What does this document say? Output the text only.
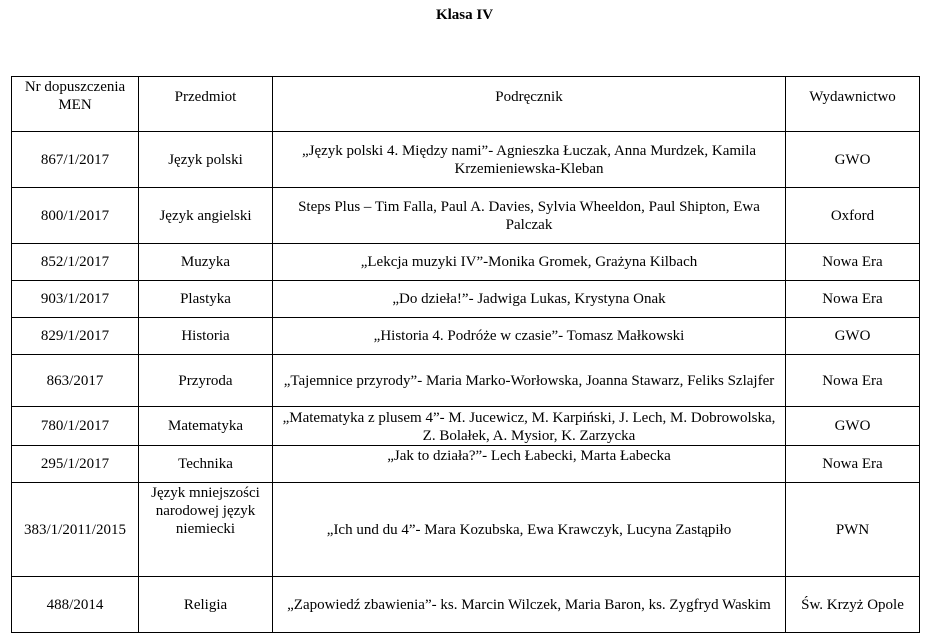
Klasa IV
Nr dopuszczenia MEN	Przedmiot	Podręcznik	Wydawnictwo
867/1/2017	Język polski	„Język polski 4. Między nami”- Agnieszka Łuczak, Anna Murdzek, Kamila Krzemieniewska-Kleban	GWO
800/1/2017	Język angielski	Steps Plus – Tim Falla, Paul A. Davies, Sylvia Wheeldon, Paul Shipton, Ewa Palczak	Oxford
852/1/2017	Muzyka	„Lekcja muzyki IV”-Monika Gromek, Grażyna Kilbach	Nowa Era
903/1/2017	Plastyka	„Do dzieła!”- Jadwiga Lukas, Krystyna Onak	Nowa Era
829/1/2017	Historia	„Historia 4. Podróże w czasie”- Tomasz Małkowski	GWO
863/2017	Przyroda	„Tajemnice przyrody”- Maria Marko-Worłowska, Joanna Stawarz, Feliks Szlajfer	Nowa Era
780/1/2017	Matematyka	„Matematyka z plusem 4”- M. Jucewicz, M. Karpiński, J. Lech, M. Dobrowolska, Z. Bolałek, A. Mysior, K. Zarzycka	GWO
295/1/2017	Technika	„Jak to działa?”- Lech Łabecki, Marta Łabecka	Nowa Era
383/1/2011/2015	Język mniejszości narodowej język niemiecki	„Ich und du 4”- Mara Kozubska, Ewa Krawczyk, Lucyna Zastąpiło	PWN
488/2014	Religia	„Zapowiedź zbawienia”- ks. Marcin Wilczek, Maria Baron, ks. Zygfryd Waskim	Św. Krzyż Opole
